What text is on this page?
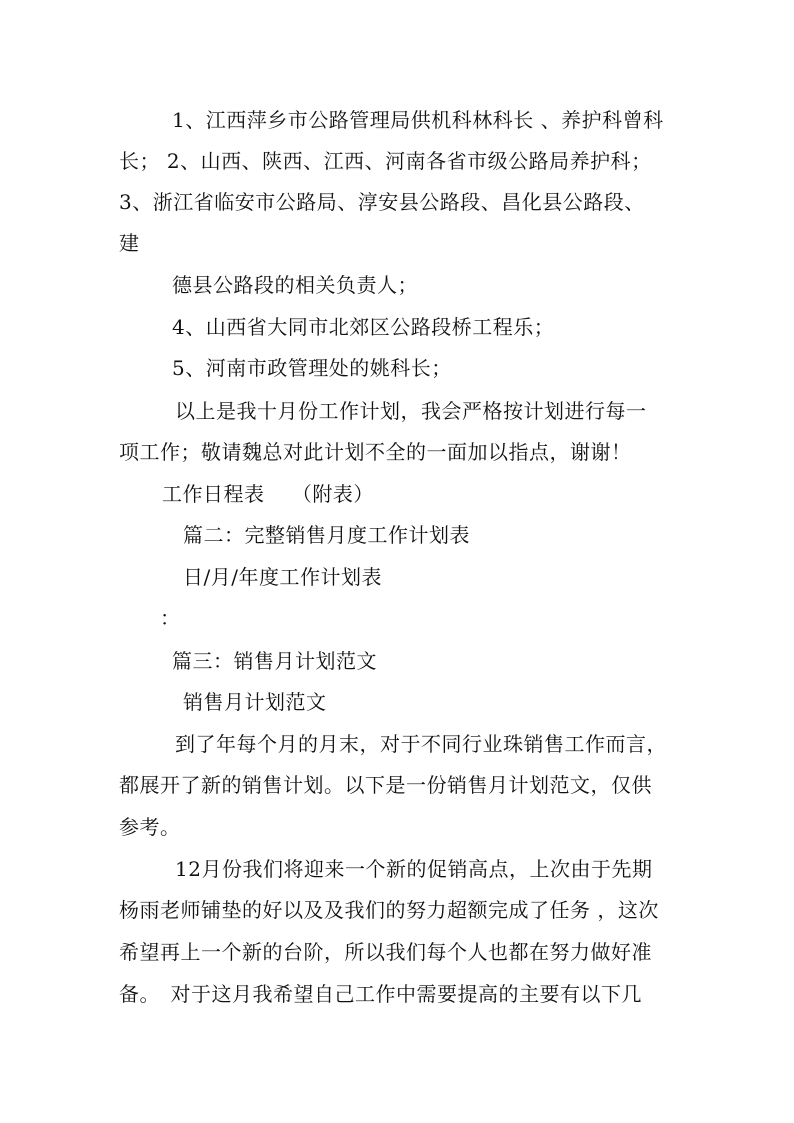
1、江西萍乡市公路管理局供机科林科长 、养护科曾科
长； 2、山西、陕西、江西、河南各省市级公路局养护科；
3、浙江省临安市公路局、淳安县公路段、昌化县公路段、
建
德县公路段的相关负责人；
4、山西省大同市北郊区公路段桥工程乐；
5、河南市政管理处的姚科长；
以上是我十月份工作计划，我会严格按计划进行每一
项工作；敬请魏总对此计划不全的一面加以指点，谢谢！
工作日程表　 （附表）
篇二：完整销售月度工作计划表
日/月/年度工作计划表
：
篇三：销售月计划范文
销售月计划范文
到了年每个月的月末，对于不同行业珠销售工作而言，
都展开了新的销售计划。以下是一份销售月计划范文，仅供
参考。
12月份我们将迎来一个新的促销高点，上次由于先期
杨雨老师铺垫的好以及及我们的努力超额完成了任务 ，这次
希望再上一个新的台阶，所以我们每个人也都在努力做好准
备。　对于这月我希望自己工作中需要提高的主要有以下几
